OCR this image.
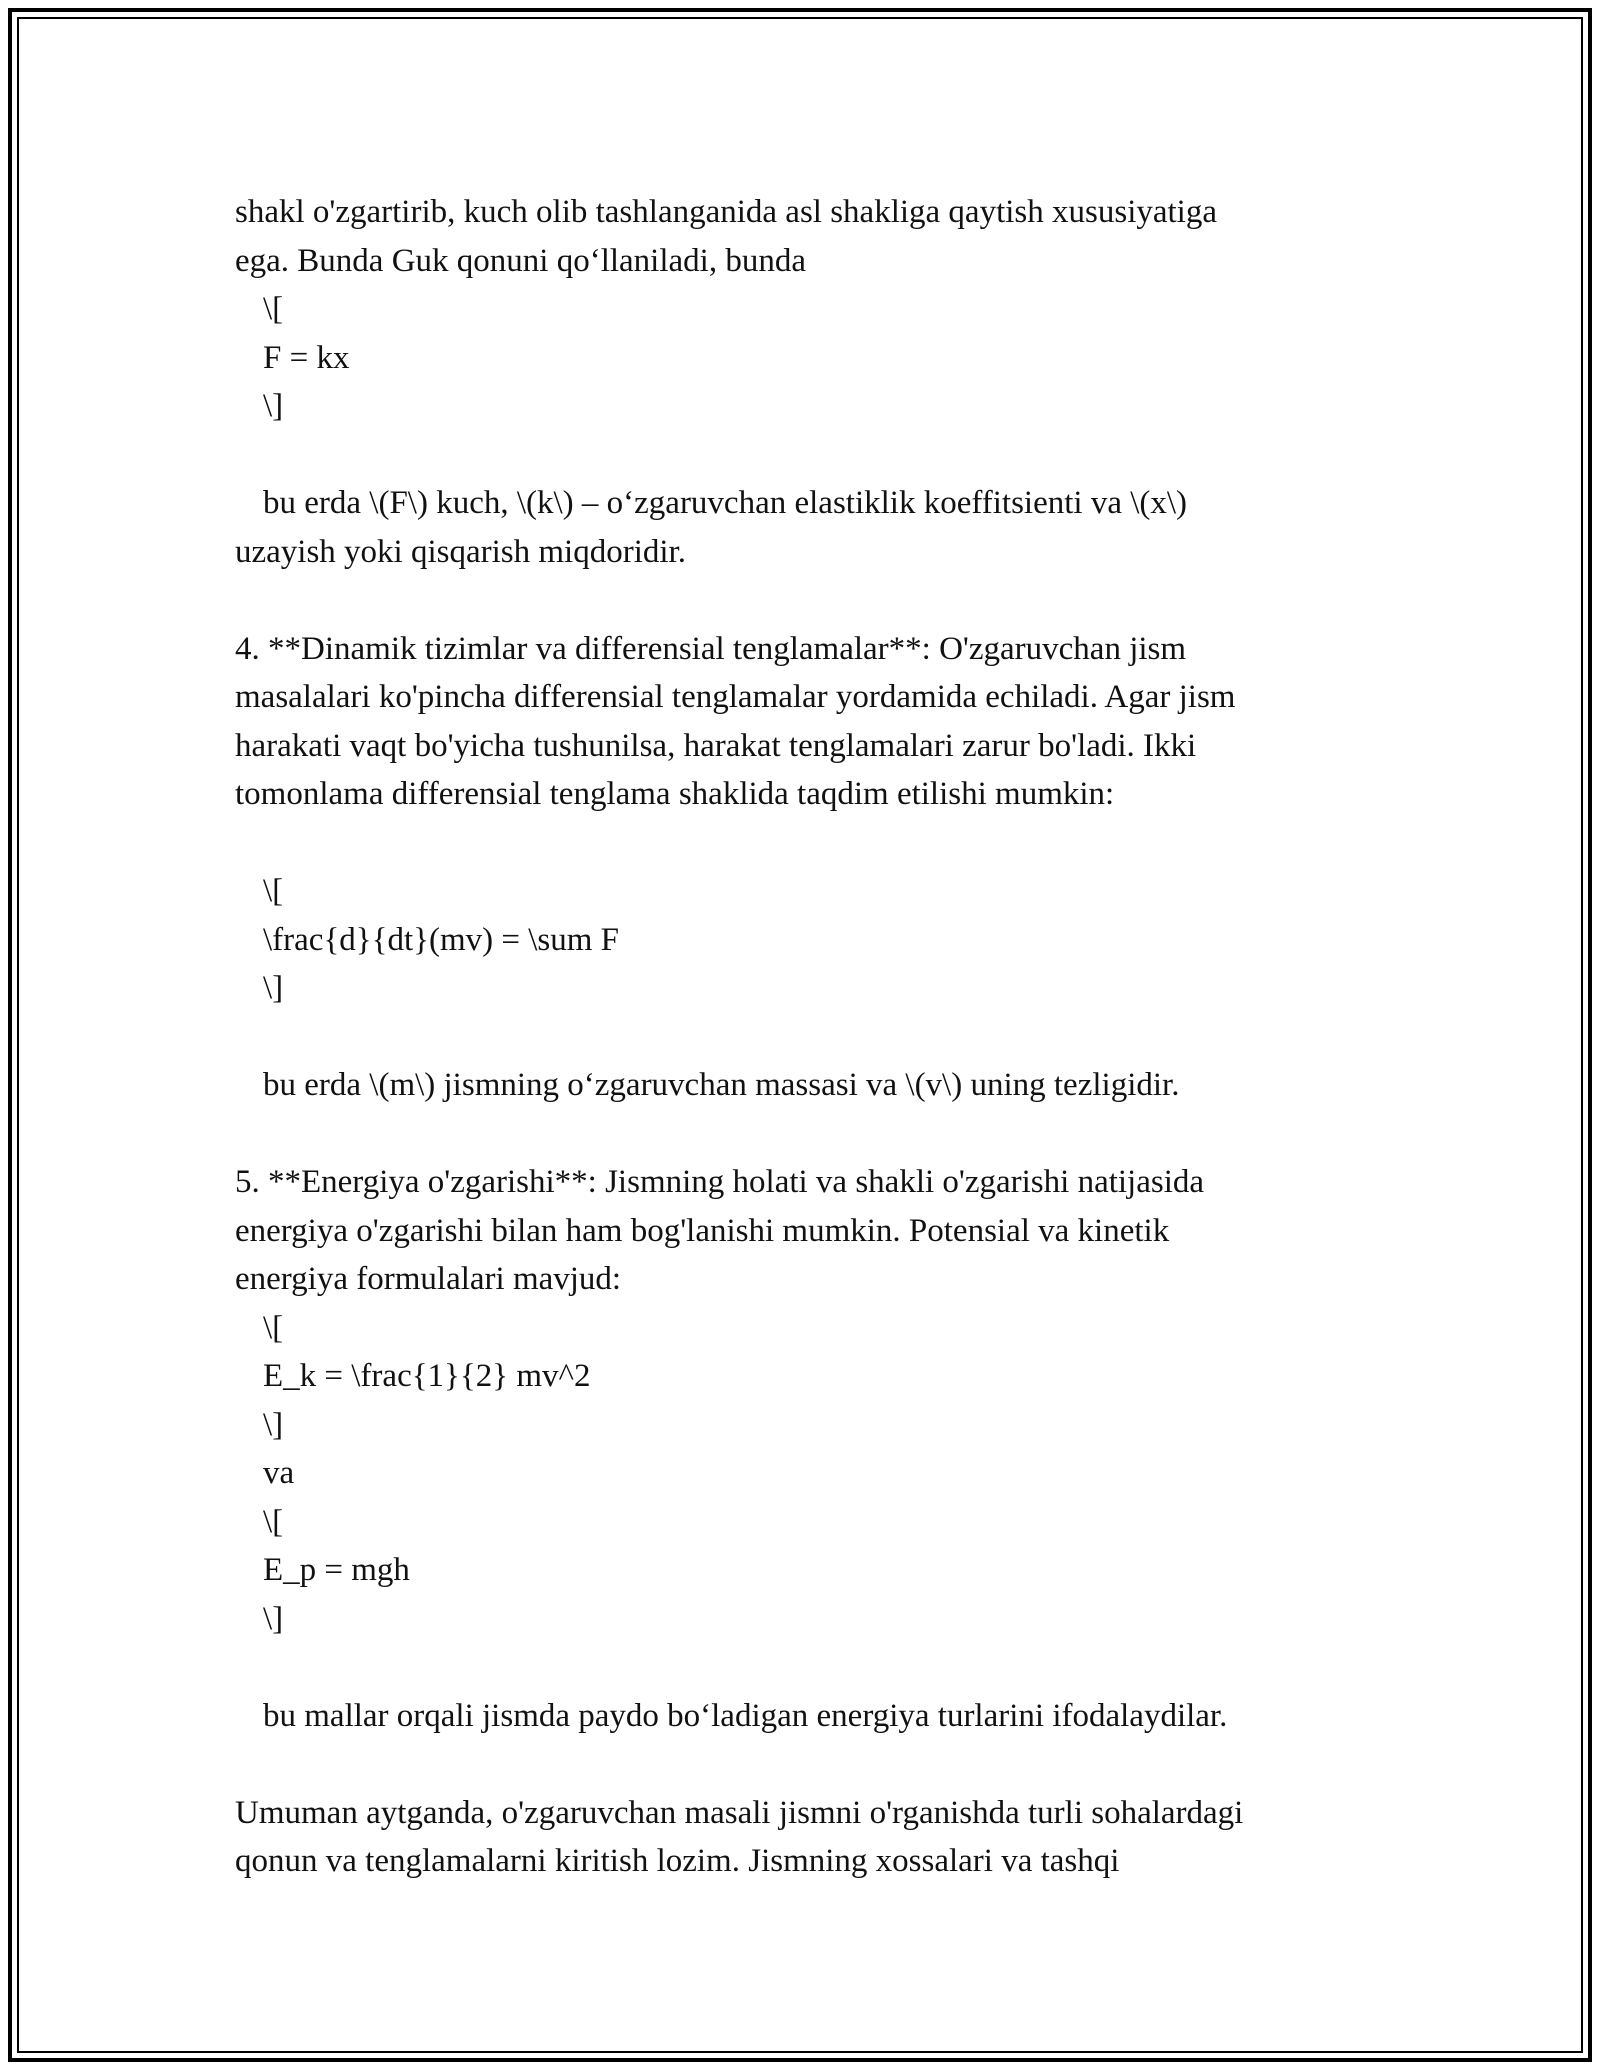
shakl o'zgartirib, kuch olib tashlanganida asl shakliga qaytish xususiyatiga

ega. Bunda Guk qonuni qo‘llaniladi, bunda

\[

F = kx

\]

bu erda \(F\) kuch, \(k\) – o‘zgaruvchan elastiklik koeffitsienti va \(x\)

uzayish yoki qisqarish miqdoridir.

4. **Dinamik tizimlar va differensial tenglamalar**: O'zgaruvchan jism

masalalari ko'pincha differensial tenglamalar yordamida echiladi. Agar jism

harakati vaqt bo'yicha tushunilsa, harakat tenglamalari zarur bo'ladi. Ikki

tomonlama differensial tenglama shaklida taqdim etilishi mumkin:

\[

\frac{d}{dt}(mv) = \sum F

\]

bu erda \(m\) jismning o‘zgaruvchan massasi va \(v\) uning tezligidir.

5. **Energiya o'zgarishi**: Jismning holati va shakli o'zgarishi natijasida

energiya o'zgarishi bilan ham bog'lanishi mumkin. Potensial va kinetik

energiya formulalari mavjud:

\[

E_k = \frac{1}{2} mv^2

\]

va

\[

E_p = mgh

\]

bu mallar orqali jismda paydo bo‘ladigan energiya turlarini ifodalaydilar.

Umuman aytganda, o'zgaruvchan masali jismni o'rganishda turli sohalardagi

qonun va tenglamalarni kiritish lozim. Jismning xossalari va tashqi
